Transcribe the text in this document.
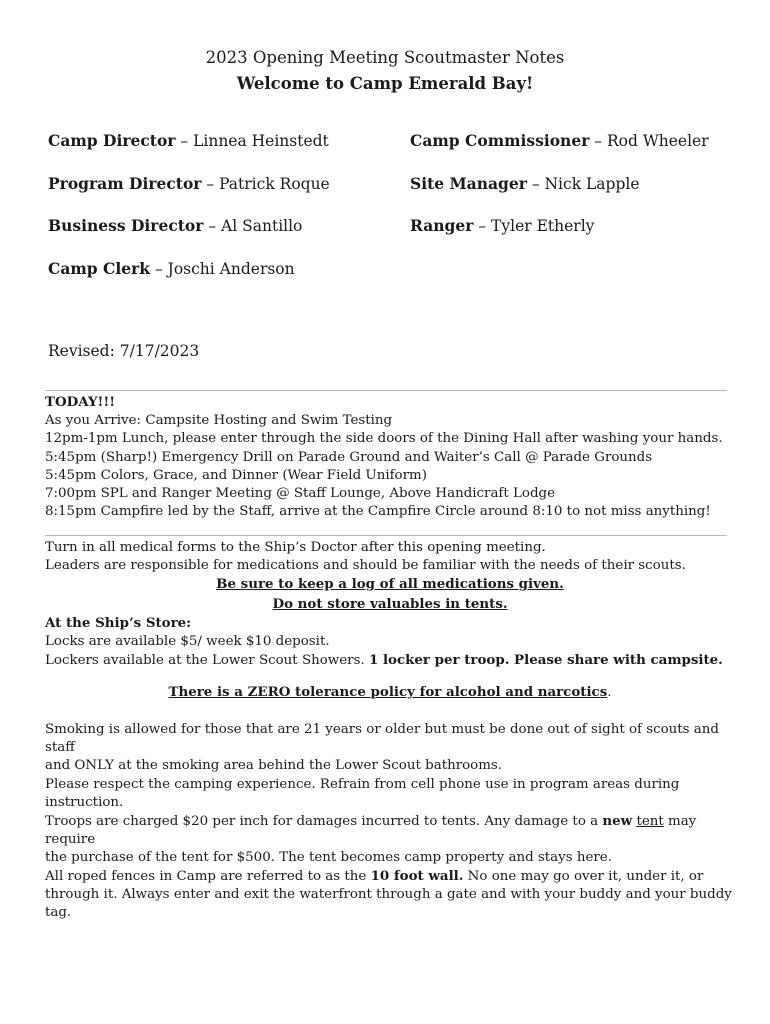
2023 Opening Meeting Scoutmaster Notes
Welcome to Camp Emerald Bay!
Camp Director – Linnea Heinstedt
Program Director – Patrick Roque
Business Director – Al Santillo
Camp Clerk – Joschi Anderson
Camp Commissioner – Rod Wheeler
Site Manager – Nick Lapple
Ranger – Tyler Etherly
Revised: 7/17/2023
TODAY!!!
As you Arrive: Campsite Hosting and Swim Testing
12pm-1pm Lunch, please enter through the side doors of the Dining Hall after washing your hands.
5:45pm (Sharp!) Emergency Drill on Parade Ground and Waiter’s Call @ Parade Grounds
5:45pm Colors, Grace, and Dinner (Wear Field Uniform)
7:00pm SPL and Ranger Meeting @ Staff Lounge, Above Handicraft Lodge
8:15pm Campfire led by the Staff, arrive at the Campfire Circle around 8:10 to not miss anything!
Turn in all medical forms to the Ship’s Doctor after this opening meeting.
Leaders are responsible for medications and should be familiar with the needs of their scouts.
Be sure to keep a log of all medications given.
Do not store valuables in tents.
At the Ship’s Store:
Locks are available $5/ week $10 deposit.
Lockers available at the Lower Scout Showers. 1 locker per troop. Please share with campsite.
There is a ZERO tolerance policy for alcohol and narcotics.
Smoking is allowed for those that are 21 years or older but must be done out of sight of scouts and staff
and ONLY at the smoking area behind the Lower Scout bathrooms.
Please respect the camping experience. Refrain from cell phone use in program areas during instruction.
Troops are charged $20 per inch for damages incurred to tents. Any damage to a new tent may require
the purchase of the tent for $500. The tent becomes camp property and stays here.
All roped fences in Camp are referred to as the 10 foot wall. No one may go over it, under it, or
through it. Always enter and exit the waterfront through a gate and with your buddy and your buddy tag.
